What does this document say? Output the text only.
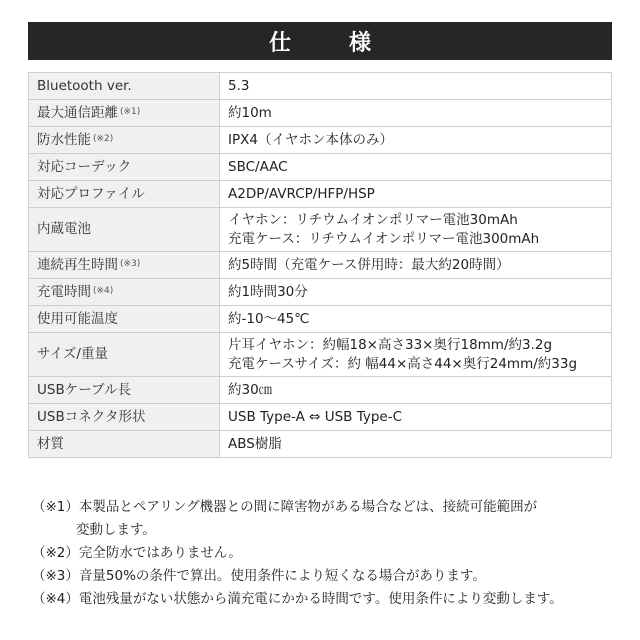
仕　様
Bluetooth ver.	5.3

最大通信距離 $^{(※1)}$	約10m

防水性能 $^{(※2)}$	IPX4（イヤホン本体のみ）

対応コーデック	SBC/AAC

対応プロファイル	A2DP/AVRCP/HFP/HSP

内蔵電池	イヤホン：リチウムイオンポリマー電池30mAh
充電ケース：リチウムイオンポリマー電池300mAh

連続再生時間 $^{(※3)}$	約5時間（充電ケース併用時：最大約20時間）

充電時間 $^{(※4)}$	約1時間30分

使用可能温度	約-10〜45℃

サイズ/重量	片耳イヤホン：約幅18×高さ33×奥行18mm/約3.2g
充電ケースサイズ：約 幅44×高さ44×奥行24mm/約33g

USBケーブル長	約30㎝

USBコネクタ形状	USB Type-A ⇔ USB Type-C

材質	ABS樹脂
（※1） 本製品とペアリング機器との間に障害物がある場合などは、接続可能範囲が
変動します。
（※2） 完全防水ではありません。
（※3） 音量50%の条件で算出。使用条件により短くなる場合があります。
（※4） 電池残量がない状態から満充電にかかる時間です。使用条件により変動します。
